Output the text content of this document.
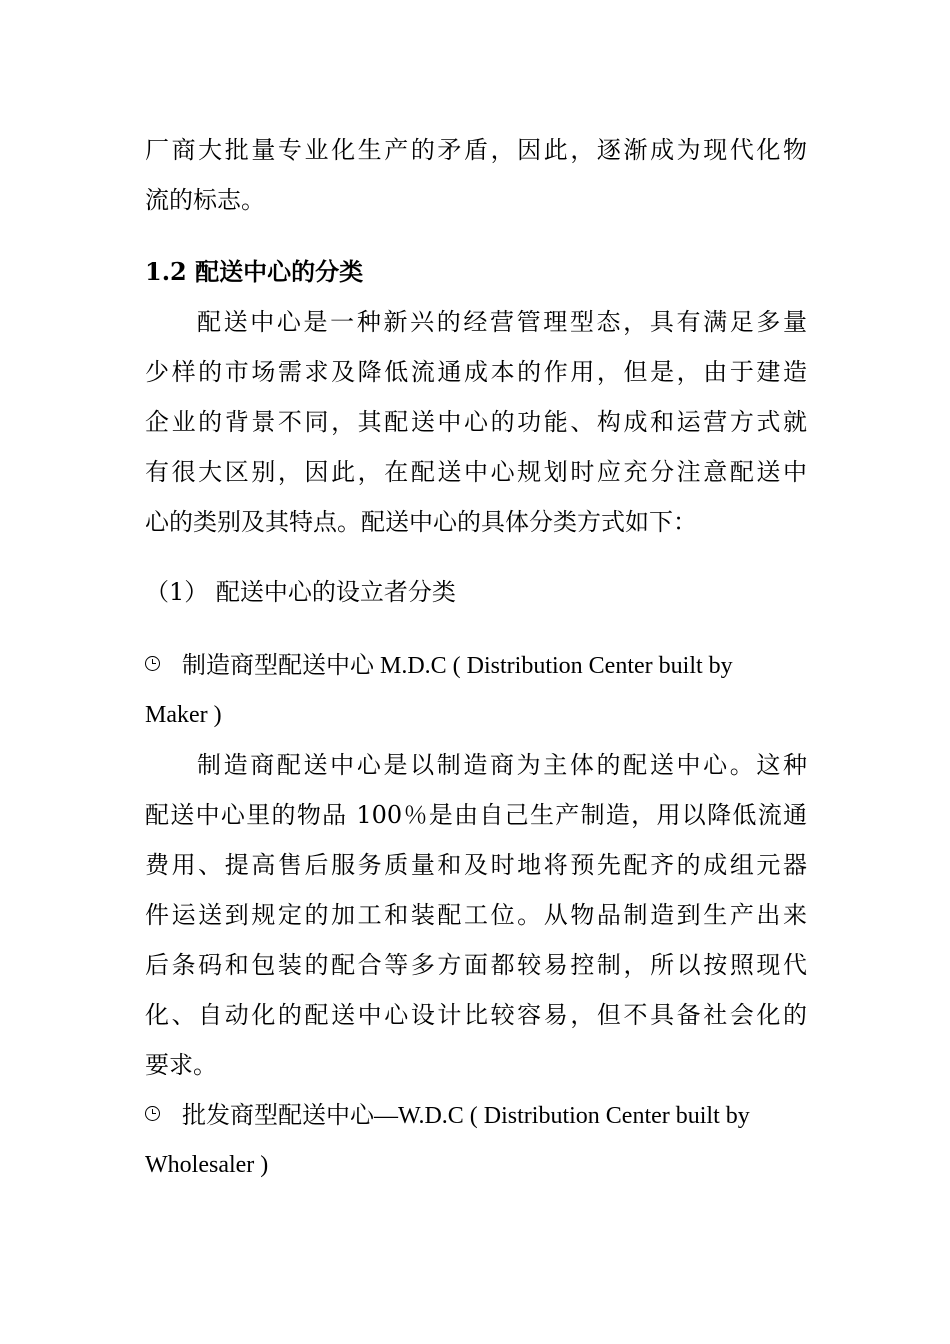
厂商大批量专业化生产的矛盾，因此，逐渐成为现代化物
流的标志。
1.2 配送中心的分类
配送中心是一种新兴的经营管理型态，具有满足多量
少样的市场需求及降低流通成本的作用，但是，由于建造
企业的背景不同，其配送中心的功能、构成和运营方式就
有很大区别，因此，在配送中心规划时应充分注意配送中
心的类别及其特点。配送中心的具体分类方式如下：
（1） 配送中心的设立者分类
制造商型配送中心 M.D.C ( Distribution Center built by
Maker )
制造商配送中心是以制造商为主体的配送中心。这种
配送中心里的物品 100％是由自己生产制造，用以降低流通
费用、提高售后服务质量和及时地将预先配齐的成组元器
件运送到规定的加工和装配工位。从物品制造到生产出来
后条码和包装的配合等多方面都较易控制，所以按照现代
化、自动化的配送中心设计比较容易，但不具备社会化的
要求。
批发商型配送中心—W.D.C ( Distribution Center built by
Wholesaler )
